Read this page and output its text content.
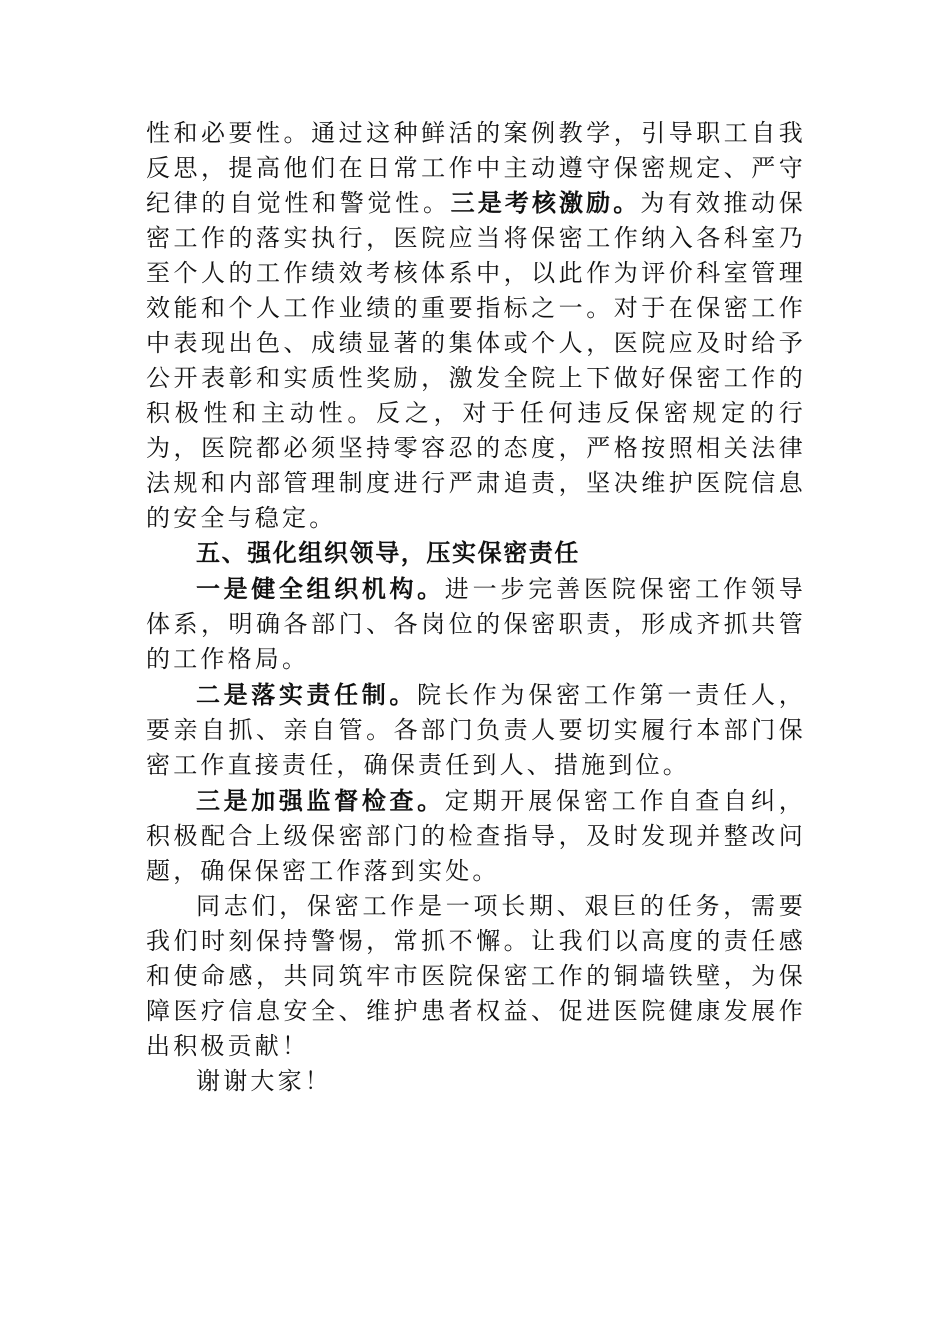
性和必要性。通过这种鲜活的案例教学，引导职工自我反思，提高他们在日常工作中主动遵守保密规定、严守纪律的自觉性和警觉性。三是考核激励。为有效推动保密工作的落实执行，医院应当将保密工作纳入各科室乃至个人的工作绩效考核体系中，以此作为评价科室管理效能和个人工作业绩的重要指标之一。对于在保密工作中表现出色、成绩显著的集体或个人，医院应及时给予公开表彰和实质性奖励，激发全院上下做好保密工作的积极性和主动性。反之，对于任何违反保密规定的行为，医院都必须坚持零容忍的态度，严格按照相关法律法规和内部管理制度进行严肃追责，坚决维护医院信息的安全与稳定。

五、强化组织领导，压实保密责任

一是健全组织机构。进一步完善医院保密工作领导体系，明确各部门、各岗位的保密职责，形成齐抓共管的工作格局。

二是落实责任制。院长作为保密工作第一责任人，要亲自抓、亲自管。各部门负责人要切实履行本部门保密工作直接责任，确保责任到人、措施到位。

三是加强监督检查。定期开展保密工作自查自纠，积极配合上级保密部门的检查指导，及时发现并整改问题，确保保密工作落到实处。

同志们，保密工作是一项长期、艰巨的任务，需要我们时刻保持警惕，常抓不懈。让我们以高度的责任感和使命感，共同筑牢市医院保密工作的铜墙铁壁，为保障医疗信息安全、维护患者权益、促进医院健康发展作出积极贡献！

谢谢大家！
